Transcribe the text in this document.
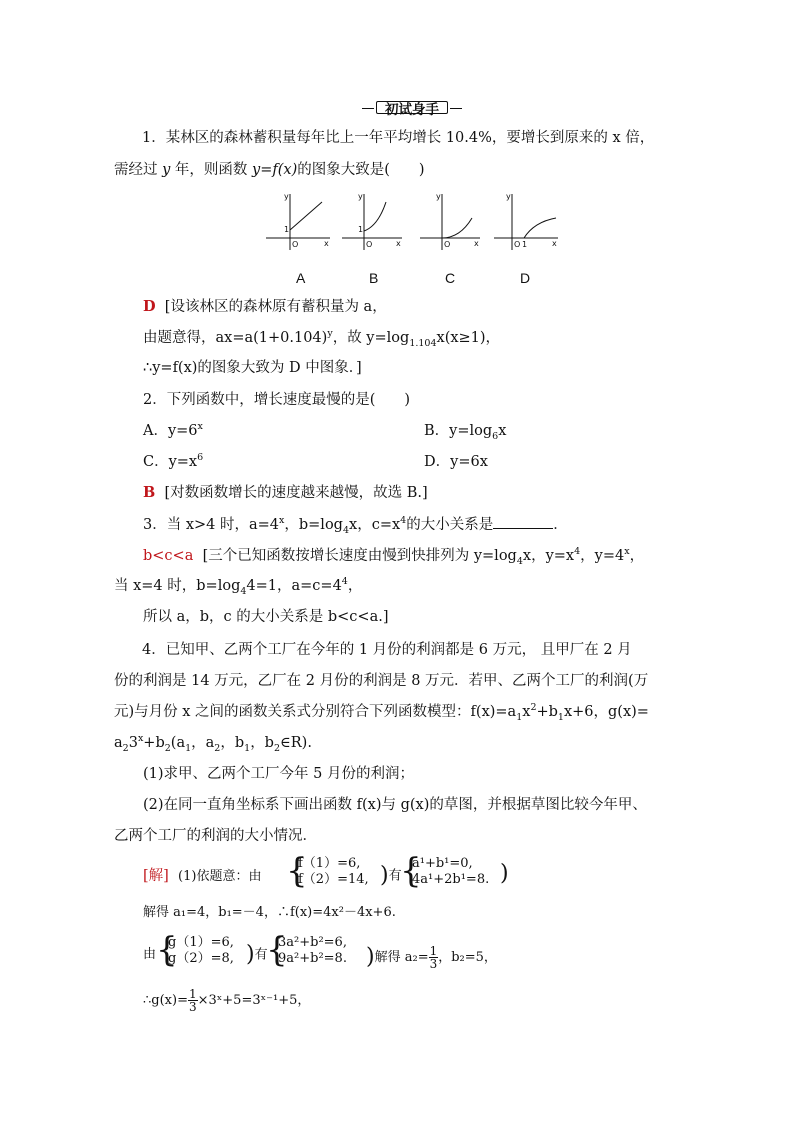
初试身手
1．某林区的森林蓄积量每年比上一年平均增长 10.4%，要增长到原来的 x 倍，
需经过 y 年，则函数 y=f(x)的图象大致是(　　)
y
x
1
O
y
x
1
O
y
x
O
y
x
1
O
A	B	C	D
D [设该林区的森林原有蓄积量为 a，
由题意得，$ax=a(1+0.104)^y$，故 $y=\log_{1.104}x(x\ge 1)$，
∴y=f(x)的图象大致为 D 中图象．]
2．下列函数中，增长速度最慢的是(　　)
A．$y=6^x$	B．$y=\log_6x$
C．$y=x^6$	D．y=6x
B [对数函数增长的速度越来越慢，故选 B.]
3．当 x>4 时，$a=4^x$，$b=\log_4x$，$c=x^4$的大小关系是	．
b<c<a [三个已知函数按增长速度由慢到快排列为 $y=\log_4x$，$y=x^4$，$y=4^x$，
当 x=4 时，$b=\log_44=1$，$a=c=4^4$，
所以 a，b，c 的大小关系是 b<c<a.]
4．已知甲、乙两个工厂在今年的 1 月份的利润都是 6 万元， 且甲厂在 2 月
份的利润是 14 万元，乙厂在 2 月份的利润是 8 万元．若甲、乙两个工厂的利润(万
元)与月份 x 之间的函数关系式分别符合下列函数模型：$f(x)=a_1x^2+b_1x+6$，g(x)=
$a_23^x+b_2(a_1$，$a_2$，$b_1$，$b_2\in R$).
(1)求甲、乙两个工厂今年 5 月份的利润；
(2)在同一直角坐标系下画出函数 f(x)与 g(x)的草图，并根据草图比较今年甲、
乙两个工厂的利润的大小情况．
[解] (1)依题意：由 {
f（1）=6,
f（2）=14, )有
{
a¹+b¹=0,
4a¹+2b¹=8. )
解得 a₁=4，b₁=－4，∴f(x)=4x²－4x+6.
由 {
g（1）=6,
g（2）=8, )有
{
3a²+b²=6,
9a²+b²=8. )解得 $a_2= \frac{1}{3}$ ，b₂=5，
∴g(x)= $\frac{1}{3}$ ×3ˣ+5=3ˣ⁻¹+5，
